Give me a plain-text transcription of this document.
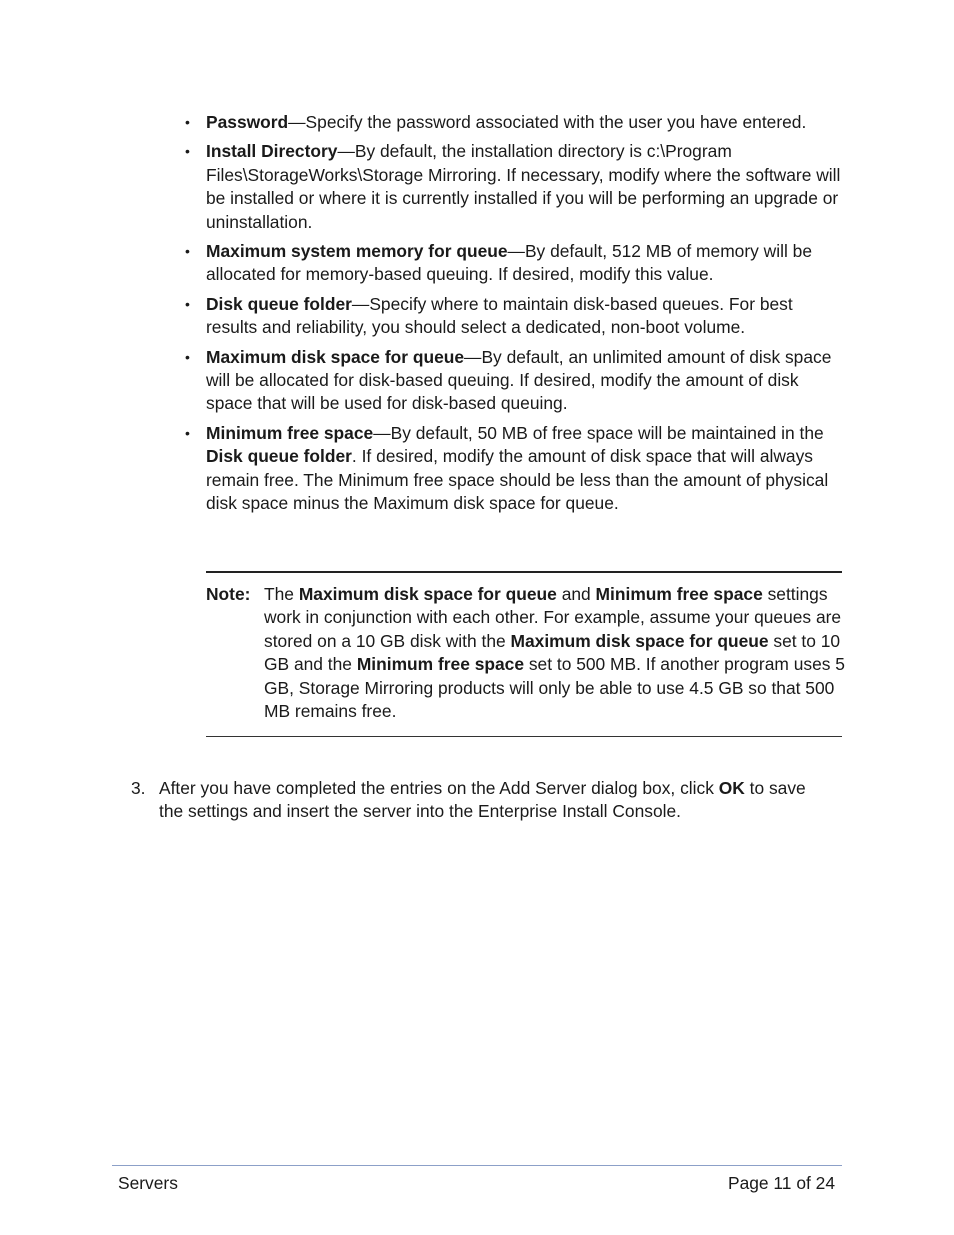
• Password—Specify the password associated with the user you have entered.
• Install Directory—By default, the installation directory is c:\Program Files\StorageWorks\Storage Mirroring. If necessary, modify where the software will be installed or where it is currently installed if you will be performing an upgrade or uninstallation.
• Maximum system memory for queue—By default, 512 MB of memory will be allocated for memory-based queuing. If desired, modify this value.
• Disk queue folder—Specify where to maintain disk-based queues. For best results and reliability, you should select a dedicated, non-boot volume.
• Maximum disk space for queue—By default, an unlimited amount of disk space will be allocated for disk-based queuing. If desired, modify the amount of disk space that will be used for disk-based queuing.
• Minimum free space—By default, 50 MB of free space will be maintained in the Disk queue folder. If desired, modify the amount of disk space that will always remain free. The Minimum free space should be less than the amount of physical disk space minus the Maximum disk space for queue.
Note: The Maximum disk space for queue and Minimum free space settings work in conjunction with each other. For example, assume your queues are stored on a 10 GB disk with the Maximum disk space for queue set to 10 GB and the Minimum free space set to 500 MB. If another program uses 5 GB, Storage Mirroring products will only be able to use 4.5 GB so that 500 MB remains free.
3. After you have completed the entries on the Add Server dialog box, click OK to save the settings and insert the server into the Enterprise Install Console.
Servers	Page 11 of 24
